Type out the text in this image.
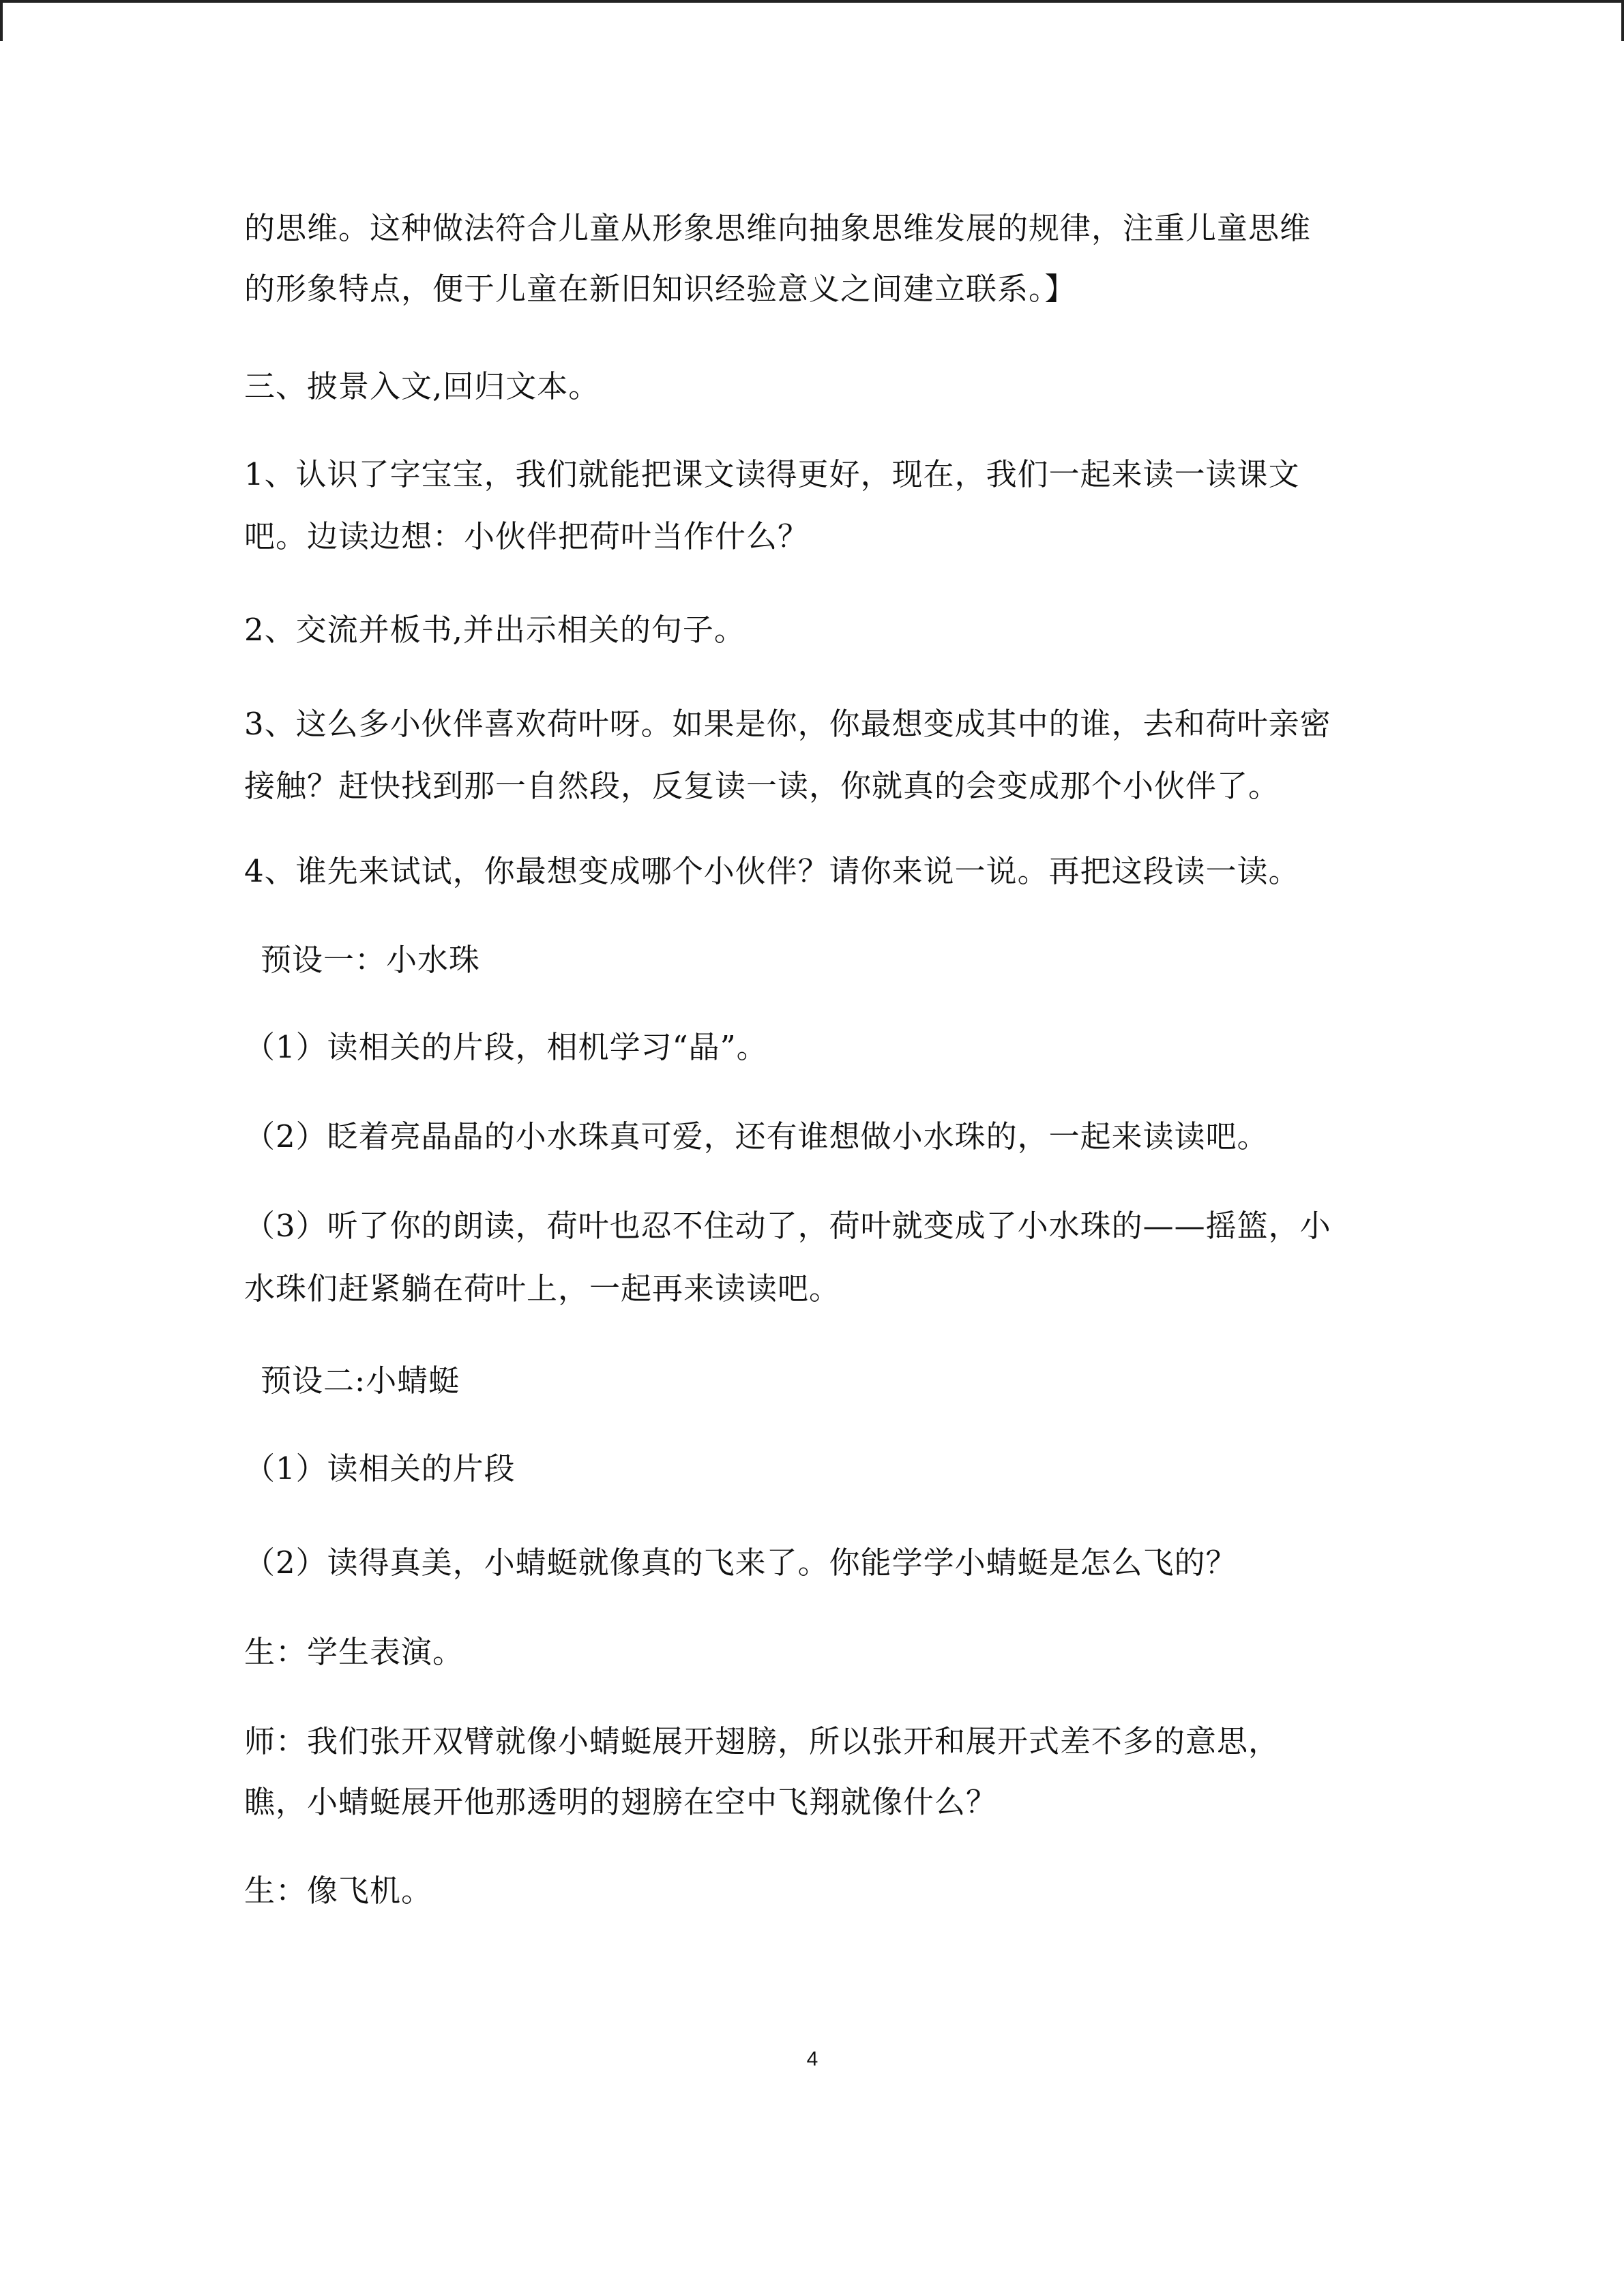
的思维。这种做法符合儿童从形象思维向抽象思维发展的规律，注重儿童思维
的形象特点，便于儿童在新旧知识经验意义之间建立联系。】
三、披景入文,回归文本。
1、认识了字宝宝，我们就能把课文读得更好，现在，我们一起来读一读课文
吧。边读边想：小伙伴把荷叶当作什么？
2、交流并板书,并出示相关的句子。
3、这么多小伙伴喜欢荷叶呀。如果是你，你最想变成其中的谁，去和荷叶亲密
接触？赶快找到那一自然段，反复读一读，你就真的会变成那个小伙伴了。
4、谁先来试试，你最想变成哪个小伙伴？请你来说一说。再把这段读一读。
预设一：小水珠
（1）读相关的片段，相机学习“晶”。
（2）眨着亮晶晶的小水珠真可爱，还有谁想做小水珠的，一起来读读吧。
（3）听了你的朗读，荷叶也忍不住动了，荷叶就变成了小水珠的——摇篮，小
水珠们赶紧躺在荷叶上，一起再来读读吧。
预设二:小蜻蜓
（1）读相关的片段
（2）读得真美，小蜻蜓就像真的飞来了。你能学学小蜻蜓是怎么飞的？
生：学生表演。
师：我们张开双臂就像小蜻蜓展开翅膀，所以张开和展开式差不多的意思，
瞧，小蜻蜓展开他那透明的翅膀在空中飞翔就像什么？
生：像飞机。
4
